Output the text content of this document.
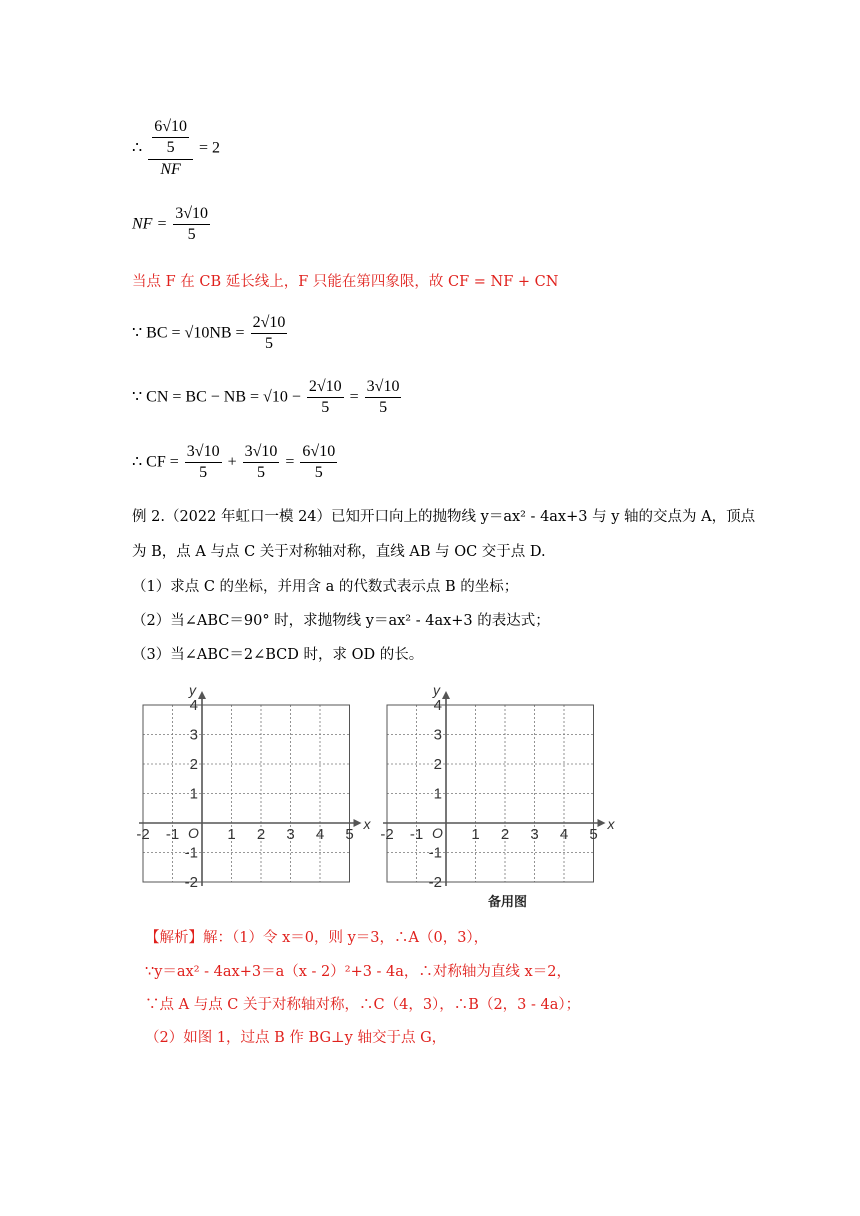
∴ $\frac{\frac{6√10}{5}}{NF} = 2$
NF = $\frac{3√10}{5}$
当点 F 在 CB 延长线上，F 只能在第四象限，故 CF = NF + CN
∵ BC = $√10NB = \frac{2√10}{5}$
∵ CN = BC − NB = $√10 - \frac{2√10}{5} = \frac{3√10}{5}$
∴ CF = $\frac{3√10}{5} + \frac{3√10}{5} = \frac{6√10}{5}$
例 2.（2022 年虹口一模 24）已知开口向上的抛物线 y＝ax² - 4ax+3 与 y 轴的交点为 A，顶点
为 B，点 A 与点 C 关于对称轴对称，直线 AB 与 OC 交于点 D.
（1）求点 C 的坐标，并用含 a 的代数式表示点 B 的坐标；
（2）当∠ABC＝90° 时，求抛物线 y＝ax² - 4ax+3 的表达式；
（3）当∠ABC＝2∠BCD 时，求 OD 的长。
x
y
O
-2 -1	1 2 3 4 5
4
3
2
1
-1
-2
x
y
O
-2 -1	1 2 3 4 5
4
3
2
1
-1
-2
备用图
【解析】解：（1）令 x＝0，则 y＝3，∴A（0，3），
∵y＝ax² - 4ax+3＝a（x - 2）²+3 - 4a，∴对称轴为直线 x＝2，
∵点 A 与点 C 关于对称轴对称，∴C（4，3），∴B（2，3 - 4a）；
（2）如图 1，过点 B 作 BG⊥y 轴交于点 G，
